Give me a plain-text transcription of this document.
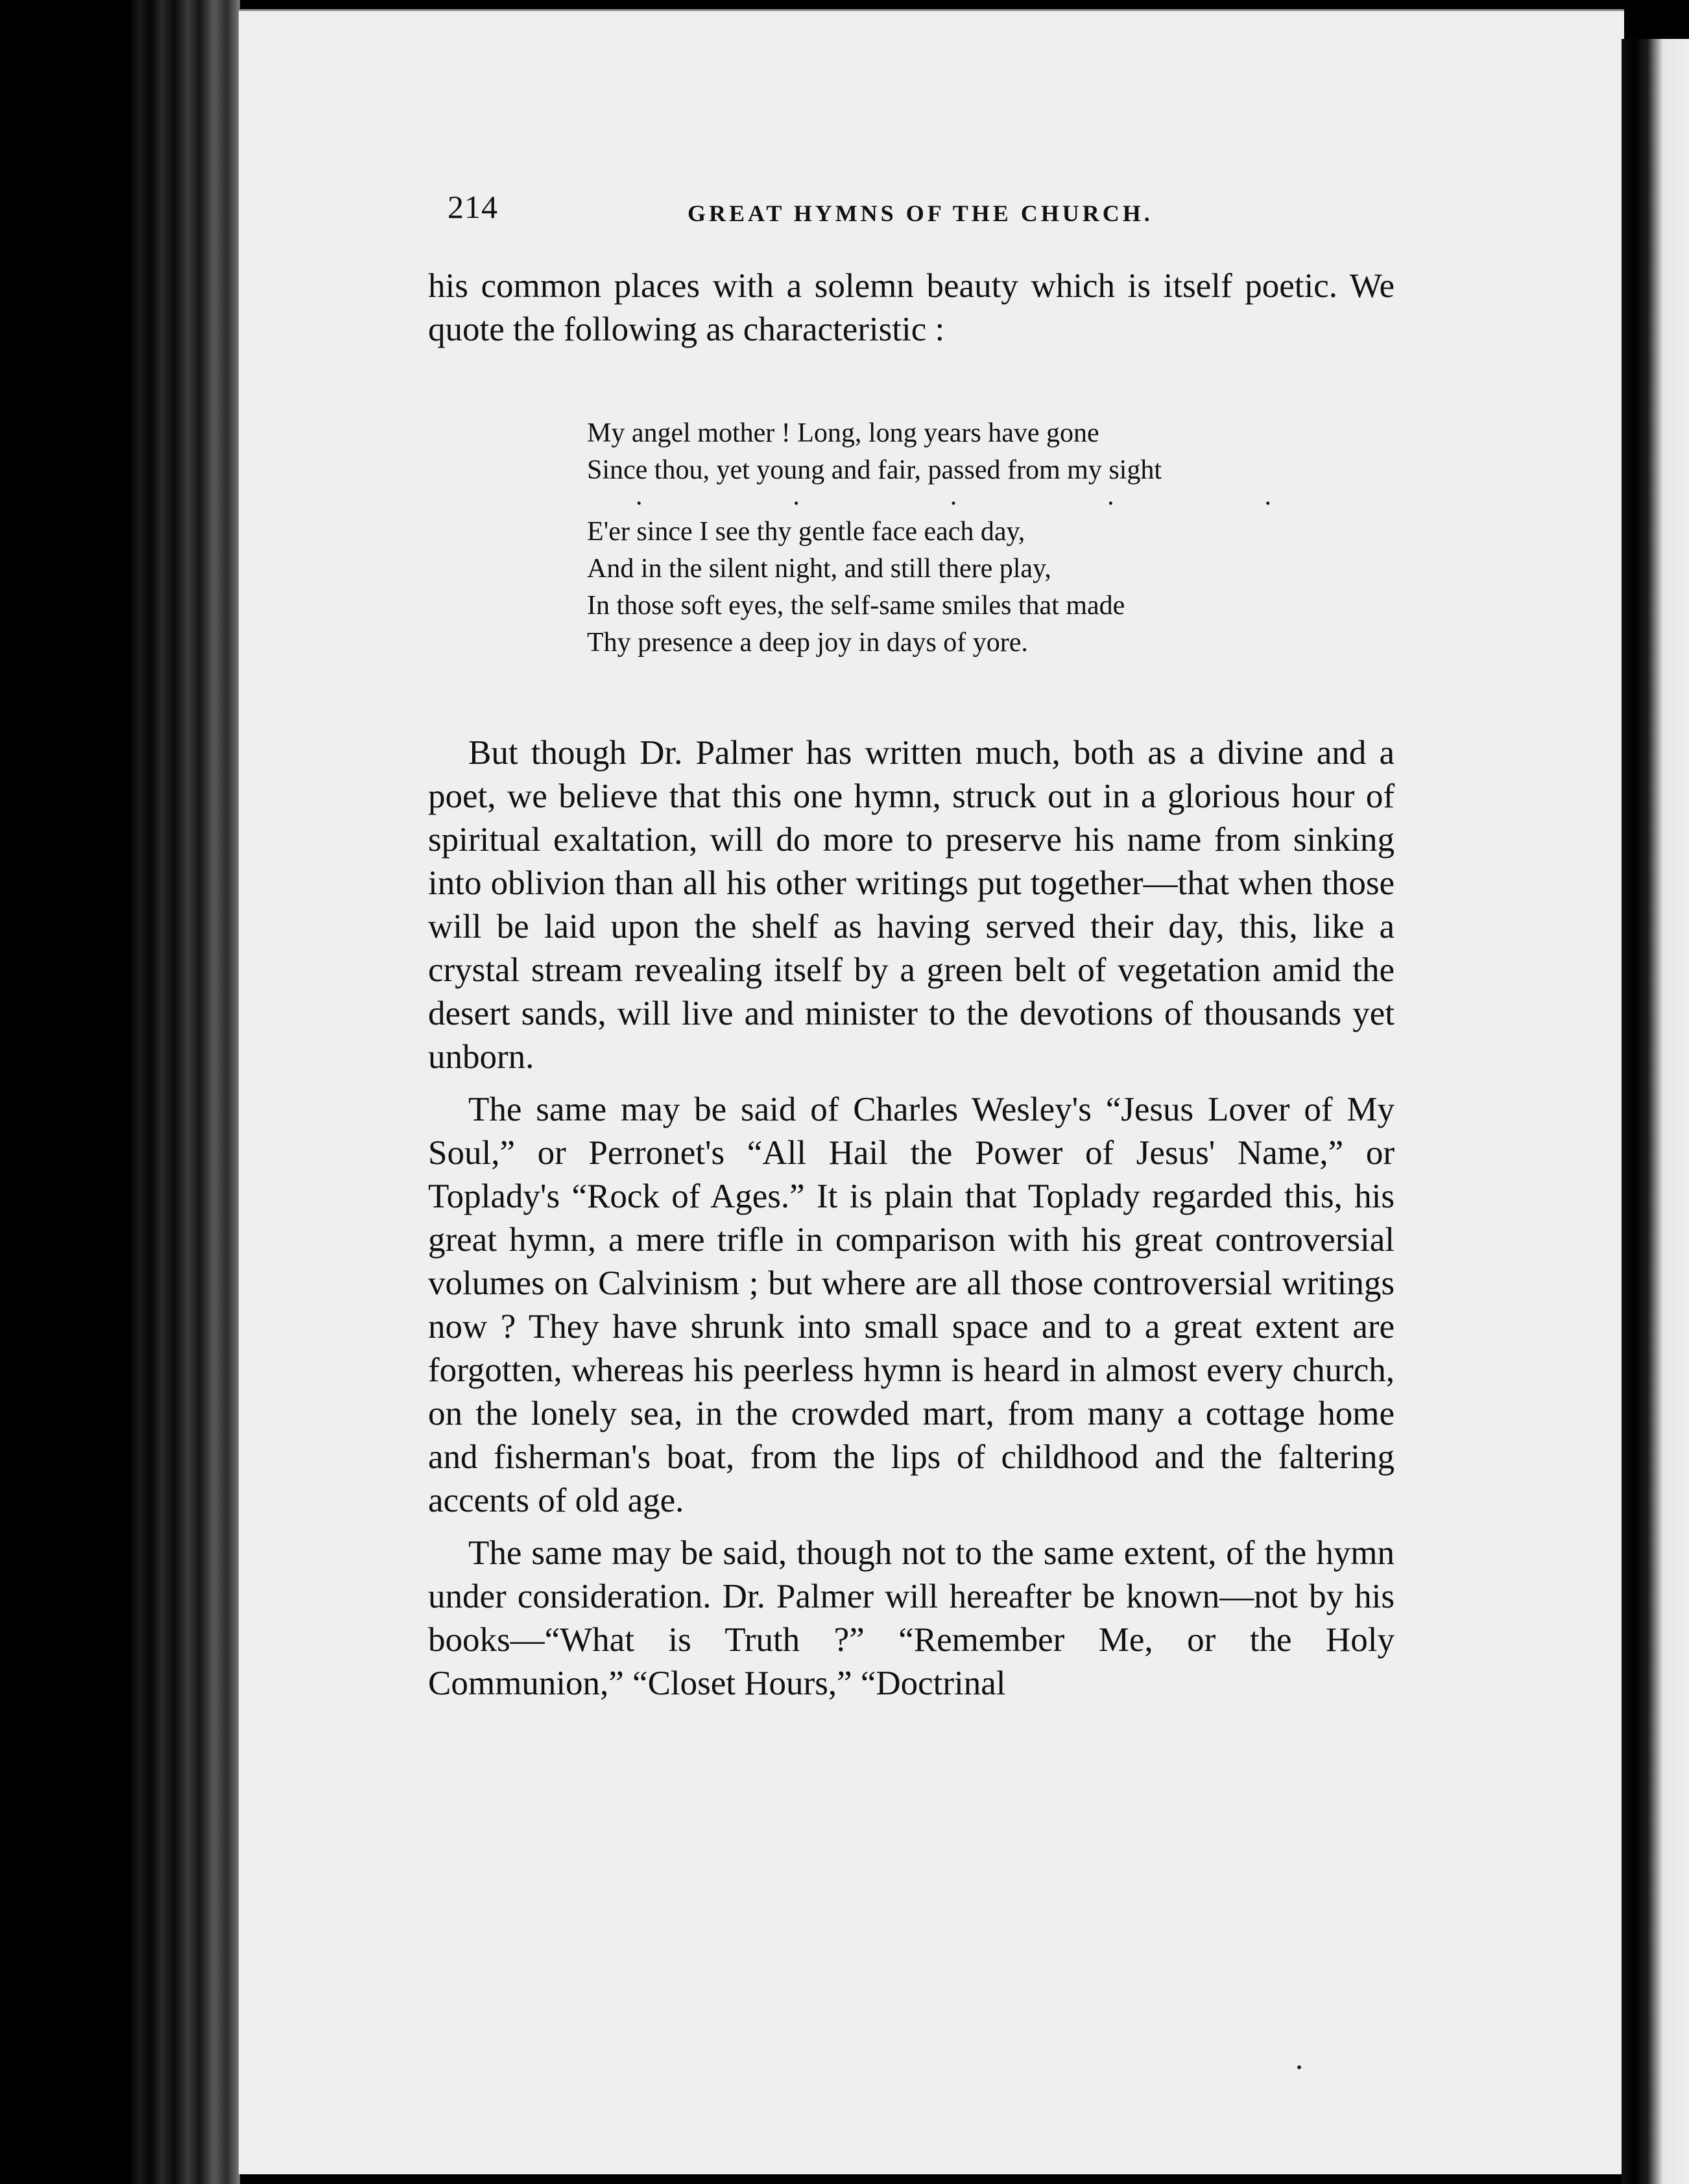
214	GREAT HYMNS OF THE CHURCH.

his common places with a solemn beauty which is itself poetic. We quote the following as characteristic :

My angel mother ! Long, long years have gone
Since thou, yet young and fair, passed from my sight
.	.	.	.	.
E'er since I see thy gentle face each day,
And in the silent night, and still there play,
In those soft eyes, the self-same smiles that made
Thy presence a deep joy in days of yore.

But though Dr. Palmer has written much, both as a divine and a poet, we believe that this one hymn, struck out in a glorious hour of spiritual exaltation, will do more to preserve his name from sinking into oblivion than all his other writings put together—that when those will be laid upon the shelf as having served their day, this, like a crystal stream revealing itself by a green belt of vegetation amid the desert sands, will live and minister to the devotions of thousands yet unborn.

The same may be said of Charles Wesley's “Jesus Lover of My Soul,” or Perronet's “All Hail the Power of Jesus' Name,” or Toplady's “Rock of Ages.” It is plain that Toplady regarded this, his great hymn, a mere trifle in comparison with his great controversial volumes on Calvinism ; but where are all those controversial writings now ? They have shrunk into small space and to a great extent are forgotten, whereas his peerless hymn is heard in almost every church, on the lonely sea, in the crowded mart, from many a cottage home and fisherman's boat, from the lips of childhood and the faltering accents of old age.

The same may be said, though not to the same extent, of the hymn under consideration. Dr. Palmer will hereafter be known—not by his books—“What is Truth ?” “Remember Me, or the Holy Communion,” “Closet Hours,” “Doctrinal
